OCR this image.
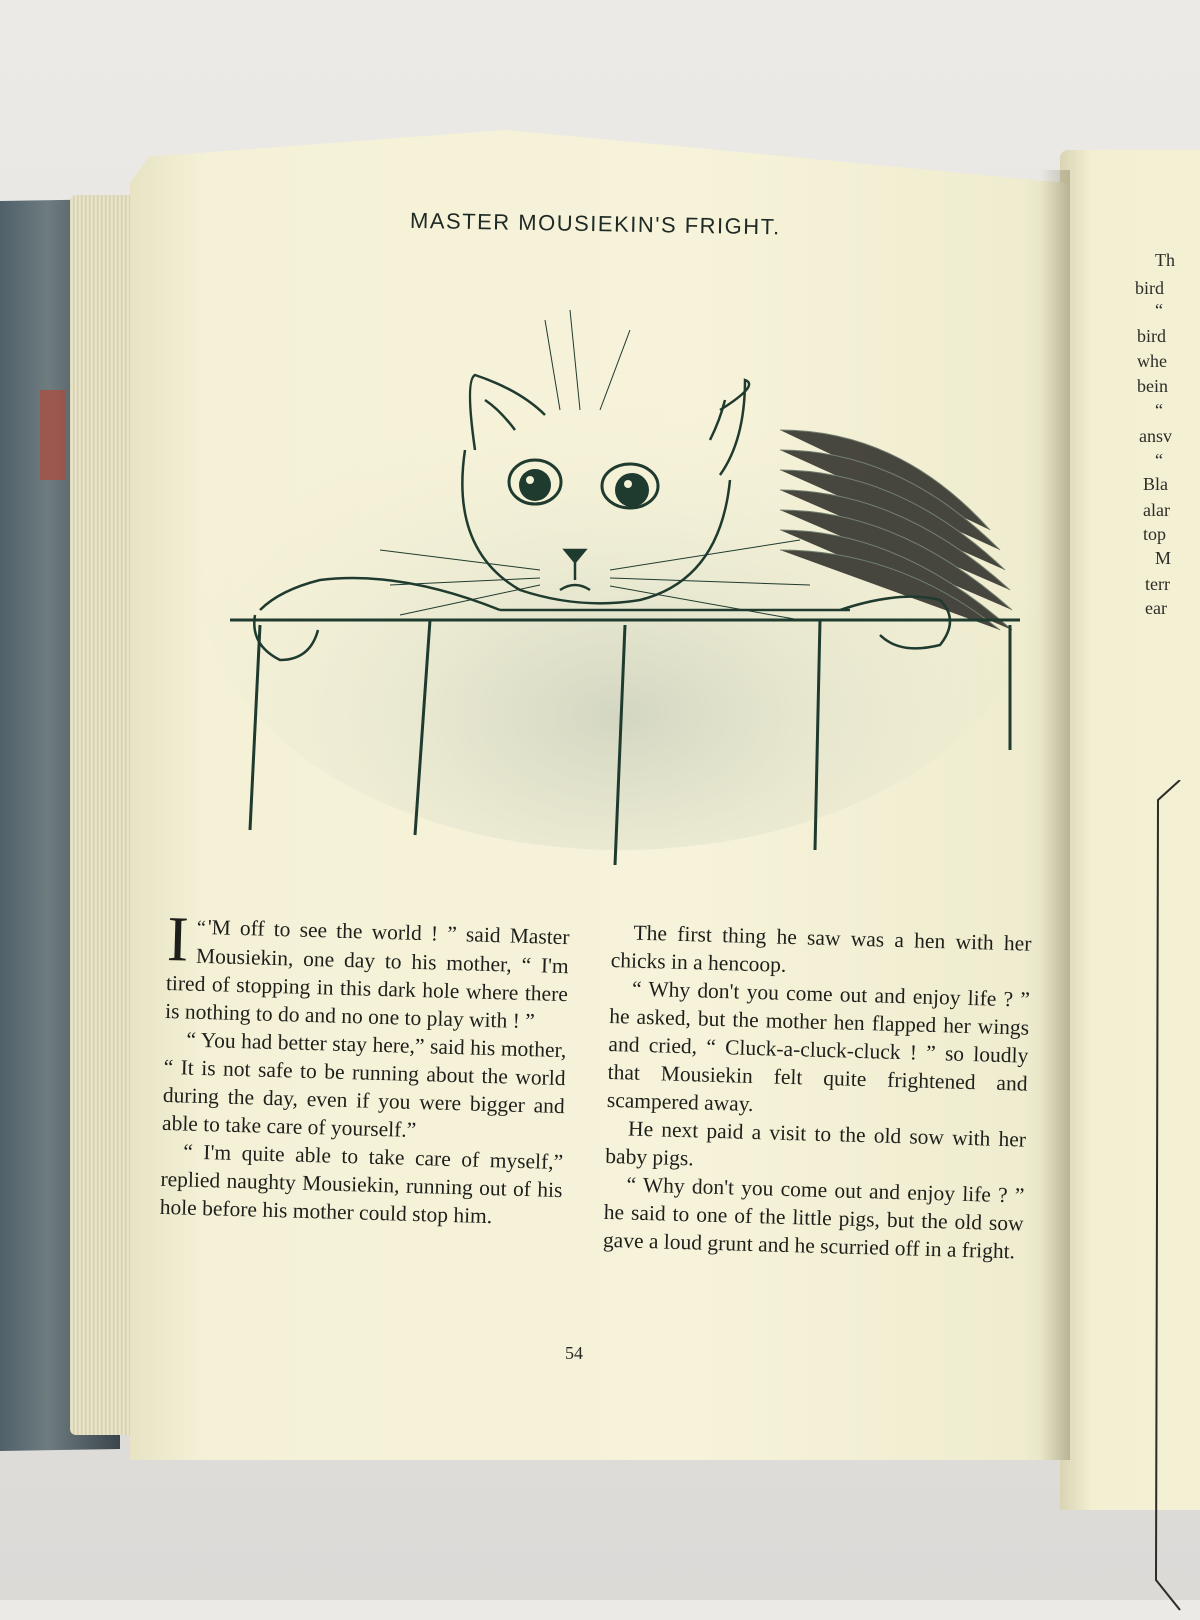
Th
bird
“
bird
whe
bein
“
ansv
“
Bla
alar
top
M
terr
ear
MASTER MOUSIEKIN'S FRIGHT.

“
I 'M off to see the world ! ” said Master Mousiekin, one day to his mother, “ I'm tired of stopping in this dark hole where there is nothing to do and no one to play with ! ”

“ You had better stay here,” said his mother, “ It is not safe to be running about the world during the day, even if you were bigger and able to take care of yourself.”

“ I'm quite able to take care of myself,” replied naughty Mousiekin, running out of his hole before his mother could stop him.

The first thing he saw was a hen with her chicks in a hencoop.

“ Why don't you come out and enjoy life ? ” he asked, but the mother hen flapped her wings and cried, “ Cluck-a-cluck-cluck ! ” so loudly that Mousiekin felt quite frightened and scampered away.

He next paid a visit to the old sow with her baby pigs.

“ Why don't you come out and enjoy life ? ” he said to one of the little pigs, but the old sow gave a loud grunt and he scurried off in a fright.

54
